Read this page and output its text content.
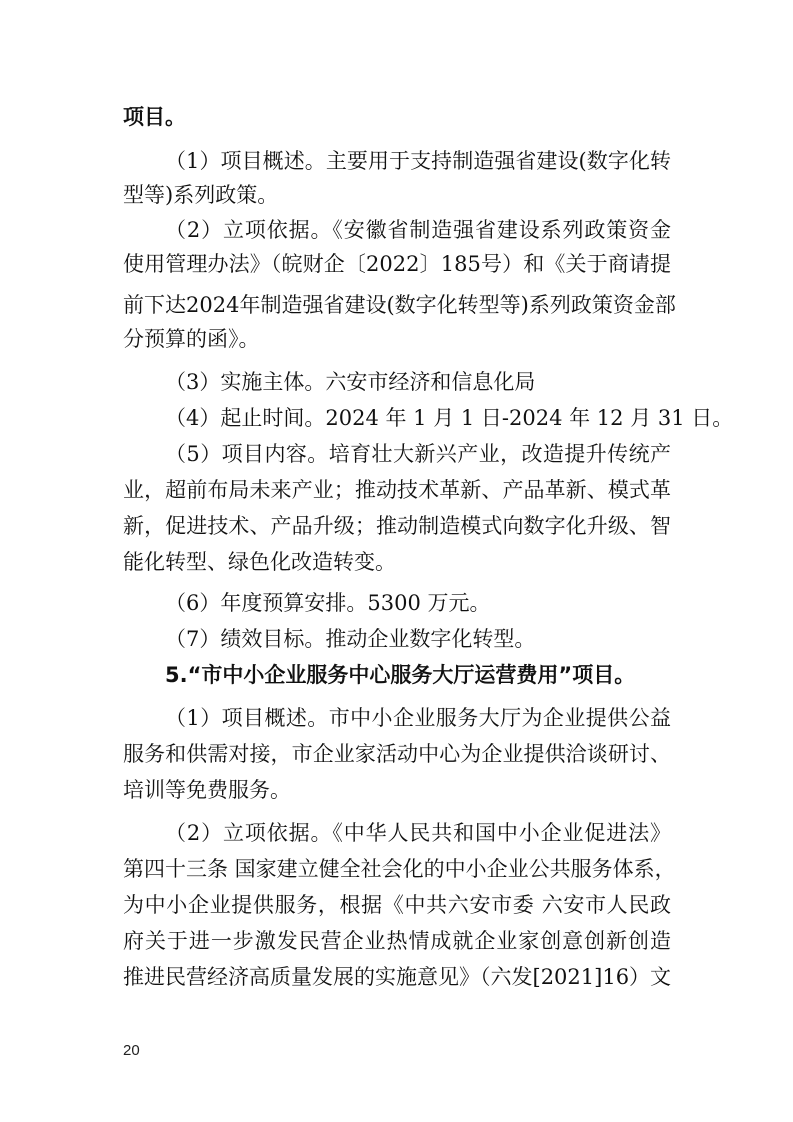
项目。
（1）项目概述。主要用于支持制造强省建设(数字化转
型等)系列政策。
（2）立项依据。《安徽省制造强省建设系列政策资金
使用管理办法》（皖财企〔2022〕185号）和《关于商请提
前下达2024年制造强省建设(数字化转型等)系列政策资金部
分预算的函》。
（3）实施主体。六安市经济和信息化局
（4）起止时间。2024 年 1 月 1 日-2024 年 12 月 31 日。
（5）项目内容。培育壮大新兴产业，改造提升传统产
业，超前布局未来产业；推动技术革新、产品革新、模式革
新，促进技术、产品升级；推动制造模式向数字化升级、智
能化转型、绿色化改造转变。
（6）年度预算安排。5300 万元。
（7）绩效目标。推动企业数字化转型。
5.“市中小企业服务中心服务大厅运营费用”项目。
（1）项目概述。市中小企业服务大厅为企业提供公益
服务和供需对接，市企业家活动中心为企业提供洽谈研讨、
培训等免费服务。
（2）立项依据。《中华人民共和国中小企业促进法》
第四十三条 国家建立健全社会化的中小企业公共服务体系，
为中小企业提供服务，根据《中共六安市委 六安市人民政
府关于进一步激发民营企业热情成就企业家创意创新创造
推进民营经济高质量发展的实施意见》（六发[2021]16）文
20
